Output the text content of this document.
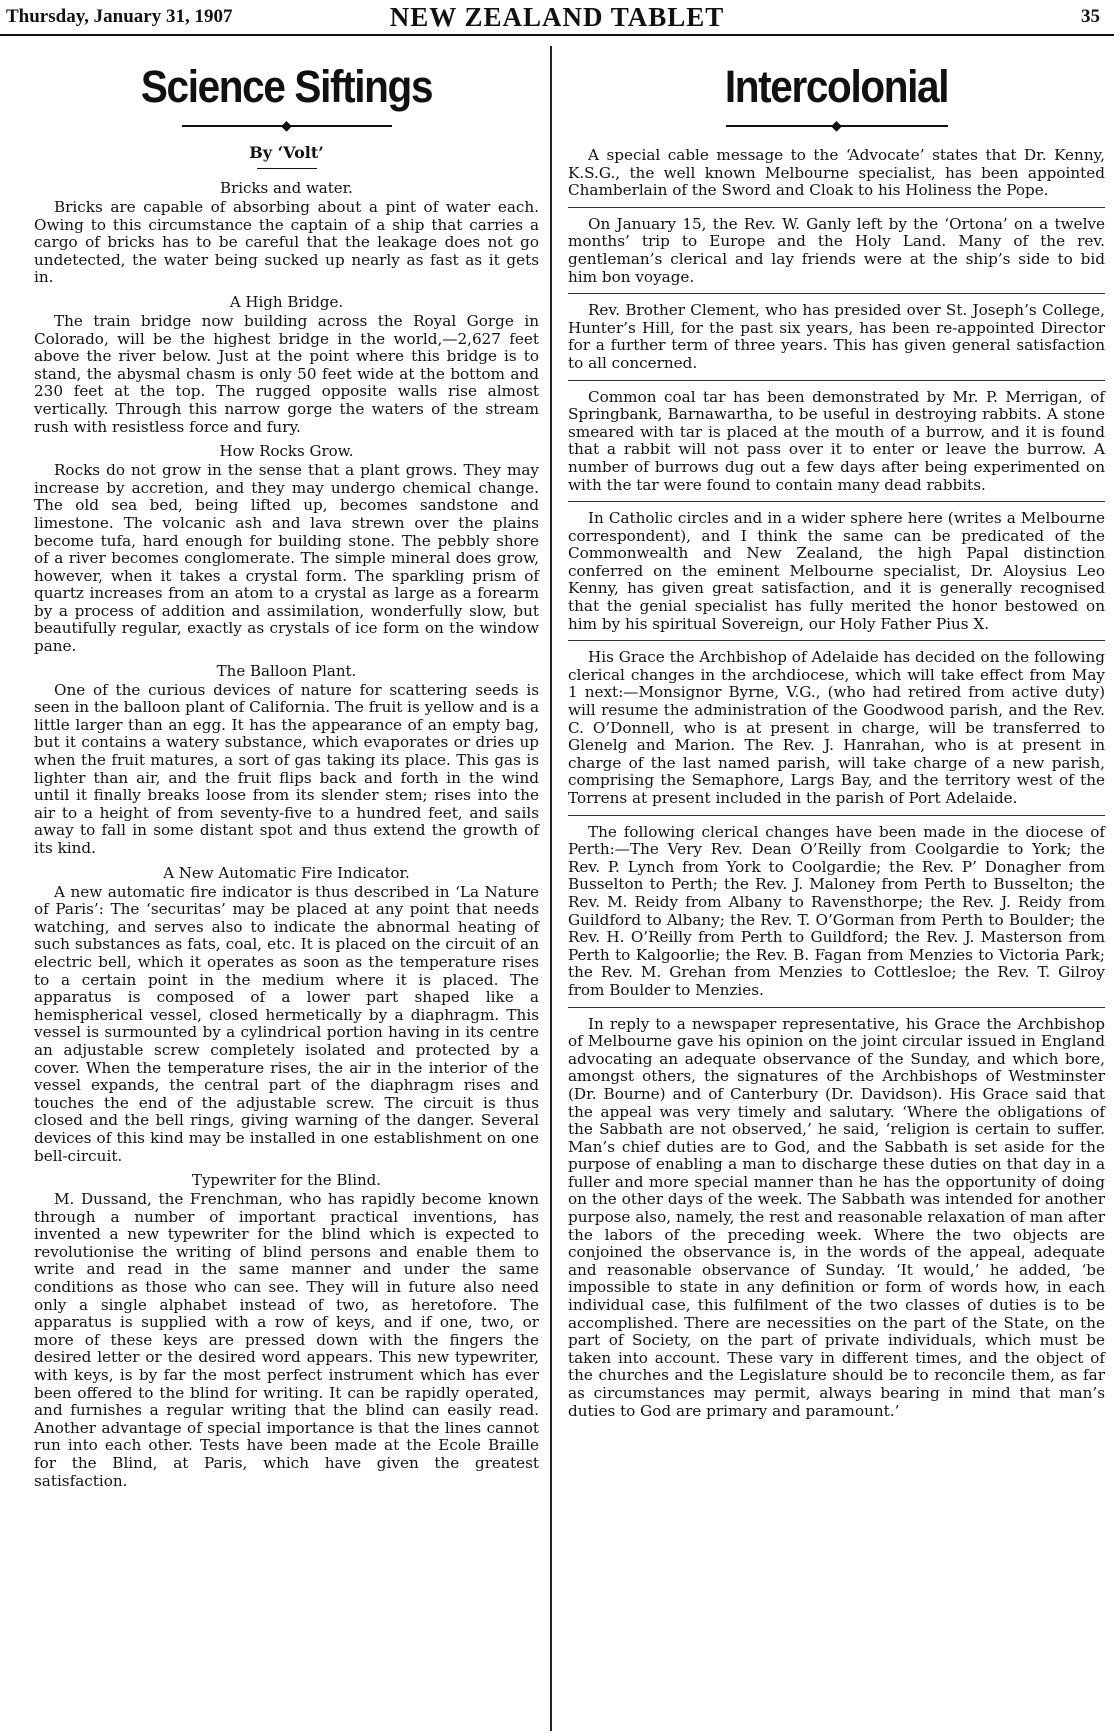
Thursday, January 31, 1907	NEW ZEALAND TABLET	35
Science Siftings
◆
By ‘Volt’
Bricks and water.

Bricks are capable of absorbing about a pint of water each. Owing to this circumstance the captain of a ship that carries a cargo of bricks has to be careful that the leakage does not go undetected, the water being sucked up nearly as fast as it gets in.

A High Bridge.

The train bridge now building across the Royal Gorge in Colorado, will be the highest bridge in the world,—2,627 feet above the river below. Just at the point where this bridge is to stand, the abysmal chasm is only 50 feet wide at the bottom and 230 feet at the top. The rugged opposite walls rise almost vertically. Through this narrow gorge the waters of the stream rush with resistless force and fury.

How Rocks Grow.

Rocks do not grow in the sense that a plant grows. They may increase by accretion, and they may undergo chemical change. The old sea bed, being lifted up, becomes sandstone and limestone. The volcanic ash and lava strewn over the plains become tufa, hard enough for building stone. The pebbly shore of a river becomes conglomerate. The simple mineral does grow, however, when it takes a crystal form. The sparkling prism of quartz increases from an atom to a crystal as large as a forearm by a process of addition and assimilation, wonderfully slow, but beautifully regular, exactly as crystals of ice form on the window pane.

The Balloon Plant.

One of the curious devices of nature for scattering seeds is seen in the balloon plant of California. The fruit is yellow and is a little larger than an egg. It has the appearance of an empty bag, but it contains a watery substance, which evaporates or dries up when the fruit matures, a sort of gas taking its place. This gas is lighter than air, and the fruit flips back and forth in the wind until it finally breaks loose from its slender stem; rises into the air to a height of from seventy-five to a hundred feet, and sails away to fall in some distant spot and thus extend the growth of its kind.

A New Automatic Fire Indicator.

A new automatic fire indicator is thus described in ‘La Nature of Paris’: The ‘securitas’ may be placed at any point that needs watching, and serves also to indicate the abnormal heating of such substances as fats, coal, etc. It is placed on the circuit of an electric bell, which it operates as soon as the temperature rises to a certain point in the medium where it is placed. The apparatus is composed of a lower part shaped like a hemispherical vessel, closed hermetically by a diaphragm. This vessel is surmounted by a cylindrical portion having in its centre an adjustable screw completely isolated and protected by a cover. When the temperature rises, the air in the interior of the vessel expands, the central part of the diaphragm rises and touches the end of the adjustable screw. The circuit is thus closed and the bell rings, giving warning of the danger. Several devices of this kind may be installed in one establishment on one bell-circuit.

Typewriter for the Blind.

M. Dussand, the Frenchman, who has rapidly become known through a number of important practical inventions, has invented a new typewriter for the blind which is expected to revolutionise the writing of blind persons and enable them to write and read in the same manner and under the same conditions as those who can see. They will in future also need only a single alphabet instead of two, as heretofore. The apparatus is supplied with a row of keys, and if one, two, or more of these keys are pressed down with the fingers the desired letter or the desired word appears. This new typewriter, with keys, is by far the most perfect instrument which has ever been offered to the blind for writing. It can be rapidly operated, and furnishes a regular writing that the blind can easily read. Another advantage of special importance is that the lines cannot run into each other. Tests have been made at the Ecole Braille for the Blind, at Paris, which have given the greatest satisfaction.

Intercolonial
◆

A special cable message to the ‘Advocate’ states that Dr. Kenny, K.S.G., the well known Melbourne specialist, has been appointed Chamberlain of the Sword and Cloak to his Holiness the Pope.

On January 15, the Rev. W. Ganly left by the ‘Ortona’ on a twelve months’ trip to Europe and the Holy Land. Many of the rev. gentleman’s clerical and lay friends were at the ship’s side to bid him bon voyage.

Rev. Brother Clement, who has presided over St. Joseph’s College, Hunter’s Hill, for the past six years, has been re-appointed Director for a further term of three years. This has given general satisfaction to all concerned.

Common coal tar has been demonstrated by Mr. P. Merrigan, of Springbank, Barnawartha, to be useful in destroying rabbits. A stone smeared with tar is placed at the mouth of a burrow, and it is found that a rabbit will not pass over it to enter or leave the burrow. A number of burrows dug out a few days after being experimented on with the tar were found to contain many dead rabbits.

In Catholic circles and in a wider sphere here (writes a Melbourne correspondent), and I think the same can be predicated of the Commonwealth and New Zealand, the high Papal distinction conferred on the eminent Melbourne specialist, Dr. Aloysius Leo Kenny, has given great satisfaction, and it is generally recognised that the genial specialist has fully merited the honor bestowed on him by his spiritual Sovereign, our Holy Father Pius X.

His Grace the Archbishop of Adelaide has decided on the following clerical changes in the archdiocese, which will take effect from May 1 next:—Monsignor Byrne, V.G., (who had retired from active duty) will resume the administration of the Goodwood parish, and the Rev. C. O’Donnell, who is at present in charge, will be transferred to Glenelg and Marion. The Rev. J. Hanrahan, who is at present in charge of the last named parish, will take charge of a new parish, comprising the Semaphore, Largs Bay, and the territory west of the Torrens at present included in the parish of Port Adelaide.

The following clerical changes have been made in the diocese of Perth:—The Very Rev. Dean O’Reilly from Coolgardie to York; the Rev. P. Lynch from York to Coolgardie; the Rev. P’ Donagher from Busselton to Perth; the Rev. J. Maloney from Perth to Busselton; the Rev. M. Reidy from Albany to Ravensthorpe; the Rev. J. Reidy from Guildford to Albany; the Rev. T. O’Gorman from Perth to Boulder; the Rev. H. O’Reilly from Perth to Guildford; the Rev. J. Masterson from Perth to Kalgoorlie; the Rev. B. Fagan from Menzies to Victoria Park; the Rev. M. Grehan from Menzies to Cottlesloe; the Rev. T. Gilroy from Boulder to Menzies.

In reply to a newspaper representative, his Grace the Archbishop of Melbourne gave his opinion on the joint circular issued in England advocating an adequate observance of the Sunday, and which bore, amongst others, the signatures of the Archbishops of Westminster (Dr. Bourne) and of Canterbury (Dr. Davidson). His Grace said that the appeal was very timely and salutary. ‘Where the obligations of the Sabbath are not observed,’ he said, ‘religion is certain to suffer. Man’s chief duties are to God, and the Sabbath is set aside for the purpose of enabling a man to discharge these duties on that day in a fuller and more special manner than he has the opportunity of doing on the other days of the week. The Sabbath was intended for another purpose also, namely, the rest and reasonable relaxation of man after the labors of the preceding week. Where the two objects are conjoined the observance is, in the words of the appeal, adequate and reasonable observance of Sunday. ‘It would,’ he added, ‘be impossible to state in any definition or form of words how, in each individual case, this fulfilment of the two classes of duties is to be accomplished. There are necessities on the part of the State, on the part of Society, on the part of private individuals, which must be taken into account. These vary in different times, and the object of the churches and the Legislature should be to reconcile them, as far as circumstances may permit, always bearing in mind that man’s duties to God are primary and paramount.’
